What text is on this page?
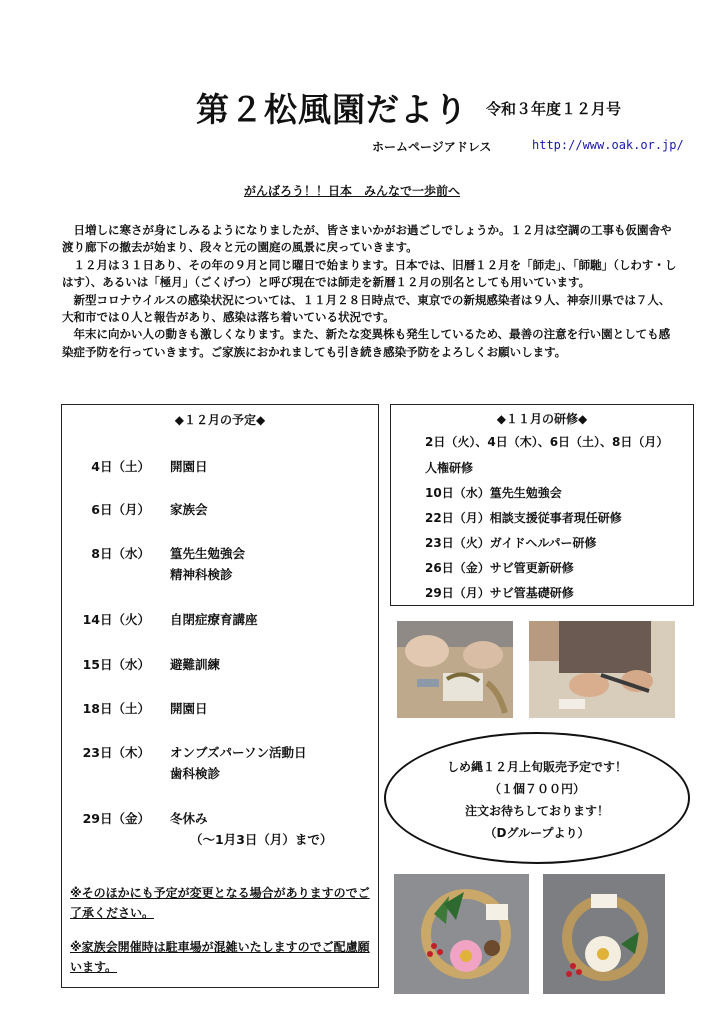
第２松風園だより 令和３年度１２月号
ホームページアドレス	http://www.oak.or.jp/
がんばろう！！日本　みんなで一歩前へ

日増しに寒さが身にしみるようになりましたが、皆さまいかがお過ごしでしょうか。１２月は空調の工事も仮園舎や渡り廊下の撤去が始まり、段々と元の園庭の風景に戻っていきます。

１２月は３１日あり、その年の９月と同じ曜日で始まります。日本では、旧暦１２月を「師走」、「師馳」（しわす・しはす）、あるいは「極月」（ごくげつ）と呼び現在では師走を新暦１２月の別名としても用いています。

新型コロナウイルスの感染状況については、１１月２８日時点で、東京での新規感染者は９人、神奈川県では７人、大和市では０人と報告があり、感染は落ち着いている状況です。

年末に向かい人の動きも激しくなります。また、新たな変異株も発生しているため、最善の注意を行い園としても感染症予防を行っていきます。ご家族におかれましても引き続き感染予防をよろしくお願いします。

◆１２月の予定◆
4日（土） 開園日
6日（月） 家族会
8日（水） 篁先生勉強会
精神科検診
14日（火） 自閉症療育講座
15日（水） 避難訓練
18日（土） 開園日
23日（木） オンブズパーソン活動日
歯科検診
29日（金） 冬休み
（～1月3日（月）まで）
※そのほかにも予定が変更となる場合がありますのでご了承ください。
※家族会開催時は駐車場が混雑いたしますのでご配慮願います。
◆１１月の研修◆
2日（火）、4日（木）、6日（土）、8日（月）
人権研修
10日（水）篁先生勉強会
22日（月）相談支援従事者現任研修
23日（火）ガイドヘルパー研修
26日（金）サビ管更新研修
29日（月）サビ管基礎研修
しめ縄１２月上旬販売予定です！
（１個７００円）
注文お待ちしております！
（Dグループより）
